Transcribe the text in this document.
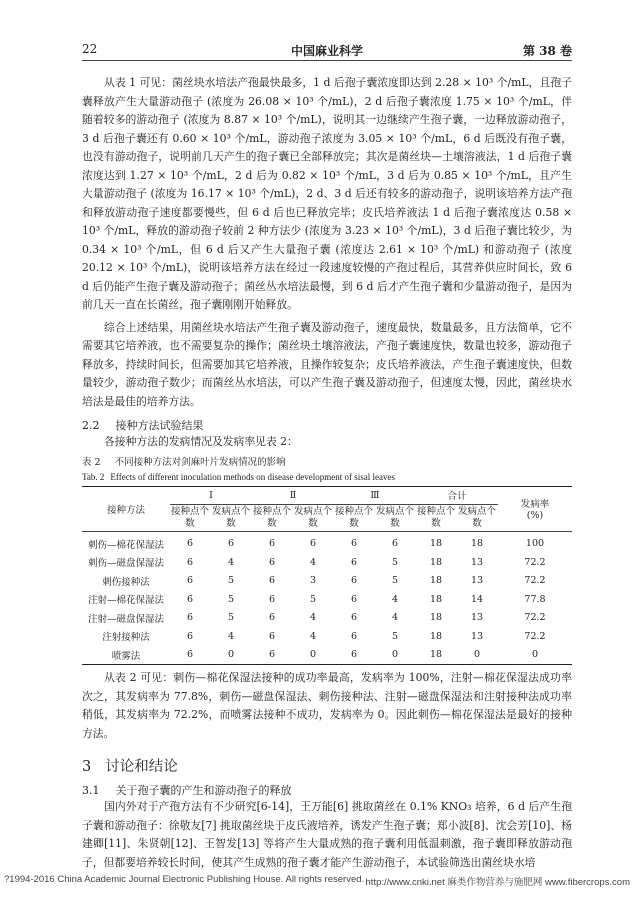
22	中国麻业科学	第 38 卷

从表 1 可见：菌丝块水培法产孢最快最多，1 d 后孢子囊浓度即达到 2.28 × 10³ 个/mL，且孢子囊释放产生大量游动孢子 (浓度为 26.08 × 10³ 个/mL)，2 d 后孢子囊浓度 1.75 × 10³ 个/mL，伴随着较多的游动孢子 (浓度为 8.87 × 10³ 个/mL)，说明其一边继续产生孢子囊，一边释放游动孢子，3 d 后孢子囊还有 0.60 × 10³ 个/mL，游动孢子浓度为 3.05 × 10³ 个/mL，6 d 后既没有孢子囊，也没有游动孢子，说明前几天产生的孢子囊已全部释放完；其次是菌丝块—土壤溶液法，1 d 后孢子囊浓度达到 1.27 × 10³ 个/mL，2 d 后为 0.82 × 10³ 个/mL，3 d 后为 0.85 × 10³ 个/mL，且产生大量游动孢子 (浓度为 16.17 × 10³ 个/mL)，2 d、3 d 后还有较多的游动孢子，说明该培养方法产孢和释放游动孢子速度都要慢些，但 6 d 后也已释放完毕；皮氏培养液法 1 d 后孢子囊浓度达 0.58 × 10³ 个/mL，释放的游动孢子较前 2 种方法少 (浓度为 3.23 × 10³ 个/mL)，3 d 后孢子囊比较少，为 0.34 × 10³ 个/mL，但 6 d 后又产生大量孢子囊 (浓度达 2.61 × 10³ 个/mL) 和游动孢子 (浓度 20.12 × 10³ 个/mL)，说明该培养方法在经过一段速度较慢的产孢过程后，其营养供应时间长，致 6 d 后仍能产生孢子囊及游动孢子；菌丝丛水培法最慢，到 6 d 后才产生孢子囊和少量游动孢子，是因为前几天一直在长菌丝，孢子囊刚刚开始释放。

综合上述结果，用菌丝块水培法产生孢子囊及游动孢子，速度最快，数量最多，且方法简单，它不需要其它培养液，也不需要复杂的操作；菌丝块土壤溶液法，产孢子囊速度快，数量也较多，游动孢子释放多，持续时间长，但需要加其它培养液，且操作较复杂；皮氏培养液法，产生孢子囊速度快，但数量较少，游动孢子数少；而菌丝丛水培法，可以产生孢子囊及游动孢子，但速度太慢，因此，菌丝块水培法是最佳的培养方法。

2.2 接种方法试验结果

各接种方法的发病情况及发病率见表 2：

表 2 不同接种方法对剑麻叶片发病情况的影响
Tab. 2 Effects of different inoculation methods on disease development of sisal leaves
接种方法	Ⅰ		Ⅱ		Ⅲ		合计		发病率
(%)

	接种点个数	发病点个数	接种点个数	发病点个数	接种点个数	发病点个数	接种点个数	发病点个数	
刺伤—棉花保湿法	6	6	6	6	6	6	18	18	100
刺伤—磁盘保湿法	6	4	6	4	6	5	18	13	72.2
刺伤接种法	6	5	6	3	6	5	18	13	72.2
注射—棉花保湿法	6	5	6	5	6	4	18	14	77.8
注射—磁盘保湿法	6	5	6	4	6	4	18	13	72.2
注射接种法	6	4	6	4	6	5	18	13	72.2
喷雾法	6	0	6	0	6	0	18	0	0

从表 2 可见：刺伤—棉花保湿法接种的成功率最高，发病率为 100%，注射—棉花保湿法成功率次之，其发病率为 77.8%，刺伤—磁盘保湿法、刺伤接种法、注射—磁盘保湿法和注射接种法成功率稍低，其发病率为 72.2%，而喷雾法接种不成功，发病率为 0。因此刺伤—棉花保湿法是最好的接种方法。

3 讨论和结论
3.1 关于孢子囊的产生和游动孢子的释放

国内外对于产孢方法有不少研究[6-14]，王万能[6] 挑取菌丝在 0.1% KNO₃ 培养，6 d 后产生孢子囊和游动孢子：徐敬友[7] 挑取菌丝块于皮氏液培养，诱发产生孢子囊；郑小波[8]、沈会芳[10]、杨建卿[11]、朱贤朝[12]、王智发[13] 等将产生大量成熟的孢子囊利用低温刺激，孢子囊即释放游动孢子，但都要培养较长时间，使其产生成熟的孢子囊才能产生游动孢子，本试验筛选出菌丝块水培

?1994-2016 China Academic Journal Electronic Publishing House. All rights reserved. http://www.cnki.net 麻类作物营养与施肥网 www.fibercrops.com
